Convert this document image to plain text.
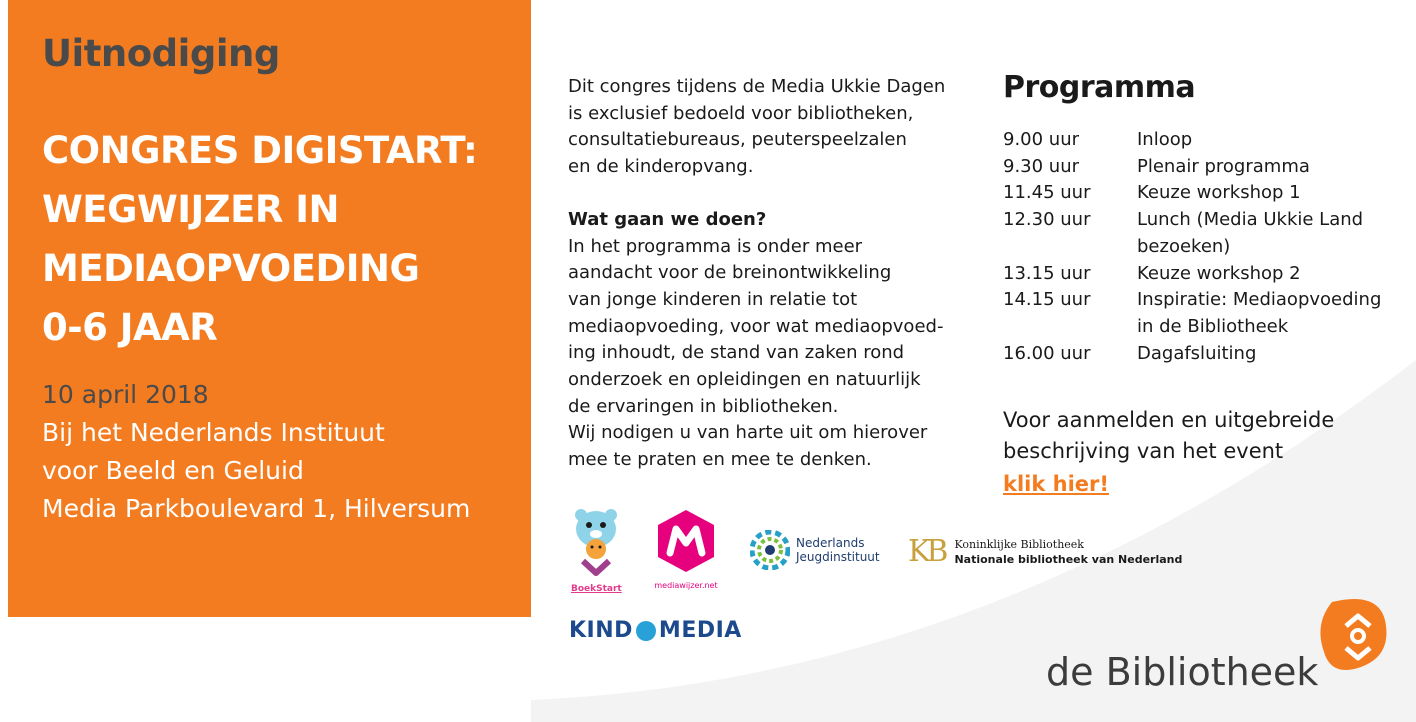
Uitnodiging
CONGRES DIGISTART:
WEGWIJZER IN
MEDIAOPVOEDING
0-6 JAAR
10 april 2018
Bij het Nederlands Instituut
voor Beeld en Geluid
Media Parkboulevard 1, Hilversum
Dit congres tijdens de Media Ukkie Dagen
is exclusief bedoeld voor bibliotheken,
consultatiebureaus, peuterspeelzalen
en de kinderopvang.
Wat gaan we doen?
In het programma is onder meer
aandacht voor de breinontwikkeling
van jonge kinderen in relatie tot
mediaopvoeding, voor wat mediaopvoed-
ing inhoudt, de stand van zaken rond
onderzoek en opleidingen en natuurlijk
de ervaringen in bibliotheken.
Wij nodigen u van harte uit om hierover
mee te praten en mee te denken.
Programma
9.00 uur	Inloop
9.30 uur	Plenair programma
11.45 uur	Keuze workshop 1
12.30 uur	Lunch (Media Ukkie Land
bezoeken)
13.15 uur	Keuze workshop 2
14.15 uur	Inspiratie: Mediaopvoeding
in de Bibliotheek
16.00 uur	Dagafsluiting
Voor aanmelden en uitgebreide
beschrijving van het event
klik hier!
BoekStart	mediawijzer.net
Nederlands
Jeugdinstituut KB Koninklijke Bibliotheek
Nationale bibliotheek van Nederland
KIND MEDIA
de Bibliotheek
